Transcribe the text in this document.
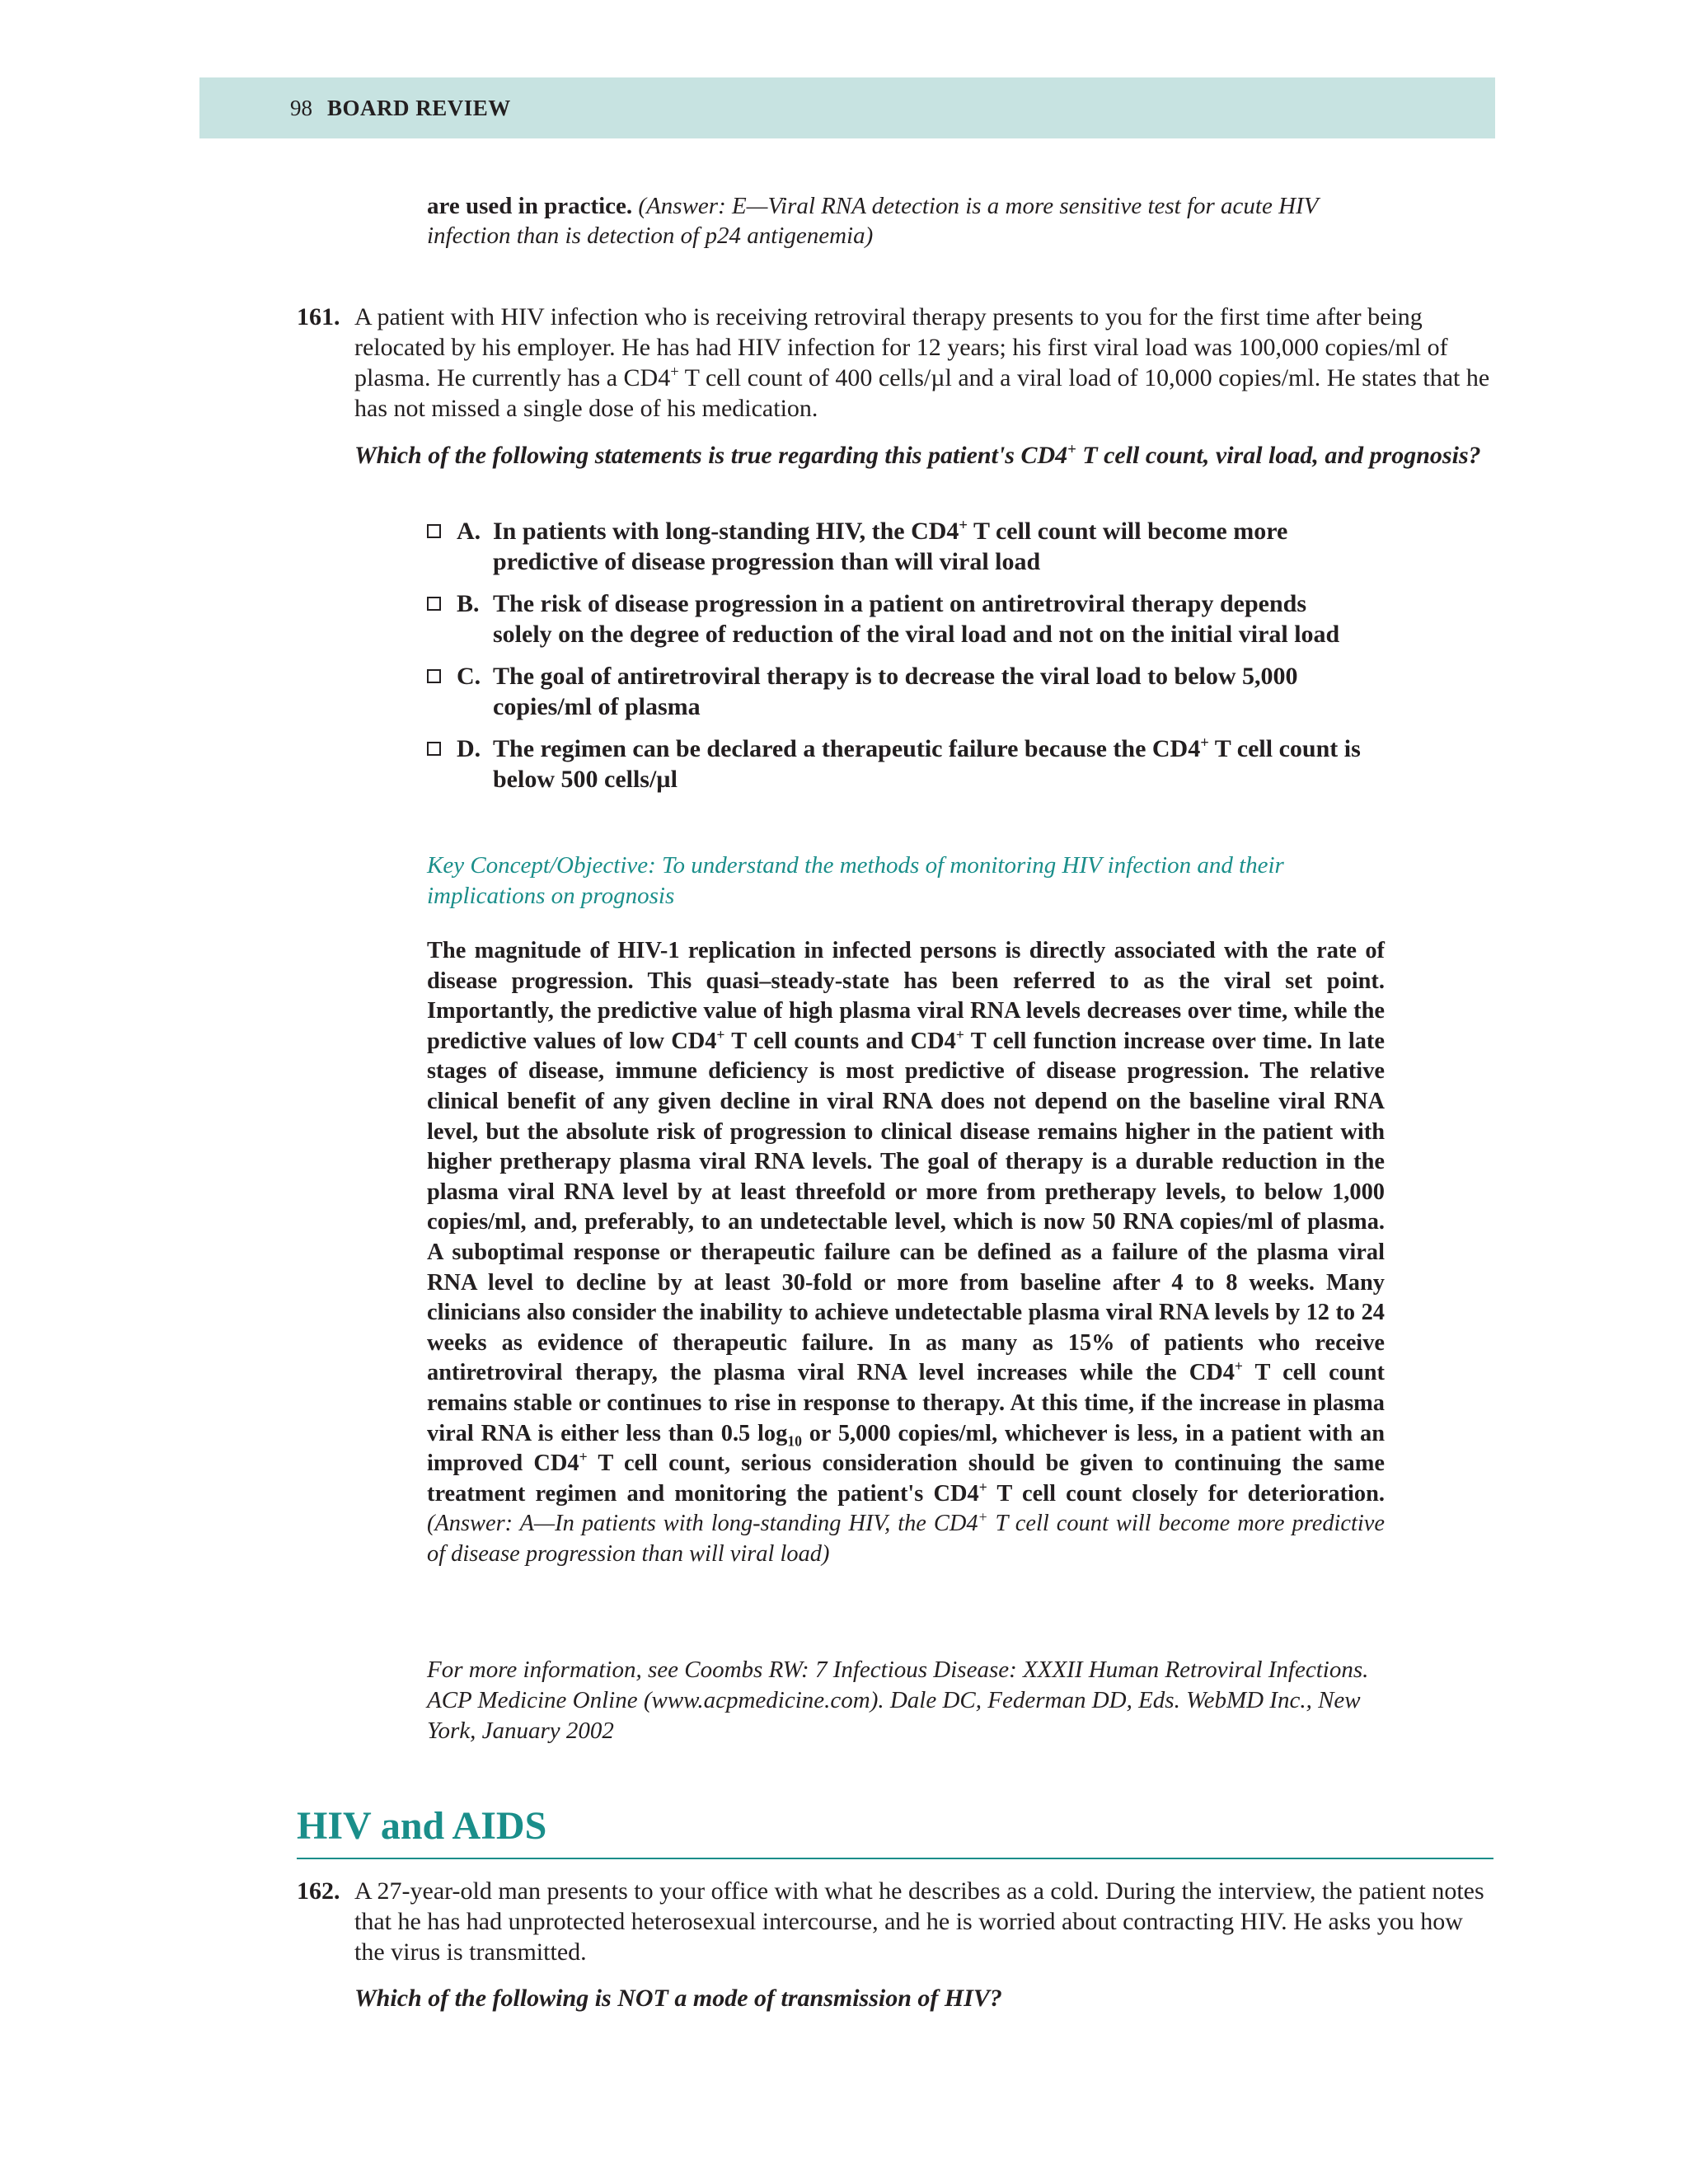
98 BOARD REVIEW
are used in practice. (Answer: E—Viral RNA detection is a more sensitive test for acute HIV infection than is detection of p24 antigenemia)
161. A patient with HIV infection who is receiving retroviral therapy presents to you for the first time after being relocated by his employer. He has had HIV infection for 12 years; his first viral load was 100,000 copies/ml of plasma. He currently has a CD4+ T cell count of 400 cells/µl and a viral load of 10,000 copies/ml. He states that he has not missed a single dose of his medication.
Which of the following statements is true regarding this patient's CD4+ T cell count, viral load, and prognosis?
A. In patients with long-standing HIV, the CD4+ T cell count will become more predictive of disease progression than will viral load
B. The risk of disease progression in a patient on antiretroviral therapy depends solely on the degree of reduction of the viral load and not on the initial viral load
C. The goal of antiretroviral therapy is to decrease the viral load to below 5,000 copies/ml of plasma
D. The regimen can be declared a therapeutic failure because the CD4+ T cell count is below 500 cells/µl
Key Concept/Objective: To understand the methods of monitoring HIV infection and their implications on prognosis
The magnitude of HIV-1 replication in infected persons is directly associated with the rate of disease progression. This quasi–steady-state has been referred to as the viral set point. Importantly, the predictive value of high plasma viral RNA levels decreases over time, while the predictive values of low CD4+ T cell counts and CD4+ T cell function increase over time. In late stages of disease, immune deficiency is most predictive of disease progression. The relative clinical benefit of any given decline in viral RNA does not depend on the baseline viral RNA level, but the absolute risk of progression to clinical disease remains higher in the patient with higher pretherapy plasma viral RNA levels. The goal of therapy is a durable reduction in the plasma viral RNA level by at least threefold or more from pretherapy levels, to below 1,000 copies/ml, and, preferably, to an undetectable level, which is now 50 RNA copies/ml of plasma. A suboptimal response or therapeutic failure can be defined as a failure of the plasma viral RNA level to decline by at least 30-fold or more from baseline after 4 to 8 weeks. Many clinicians also consider the inability to achieve undetectable plasma viral RNA levels by 12 to 24 weeks as evidence of therapeutic failure. In as many as 15% of patients who receive antiretroviral therapy, the plasma viral RNA level increases while the CD4+ T cell count remains stable or continues to rise in response to therapy. At this time, if the increase in plasma viral RNA is either less than 0.5 $\log_{10}$ or 5,000 copies/ml, whichever is less, in a patient with an improved CD4+ T cell count, serious consideration should be given to continuing the same treatment regimen and monitoring the patient's CD4+ T cell count closely for deterioration. (Answer: A—In patients with long-standing HIV, the CD4+ T cell count will become more predictive of disease progression than will viral load)
For more information, see Coombs RW: 7 Infectious Disease: XXXII Human Retroviral Infections. ACP Medicine Online (www.acpmedicine.com). Dale DC, Federman DD, Eds. WebMD Inc., New York, January 2002
HIV and AIDS
162. A 27-year-old man presents to your office with what he describes as a cold. During the interview, the patient notes that he has had unprotected heterosexual intercourse, and he is worried about contracting HIV. He asks you how the virus is transmitted.
Which of the following is NOT a mode of transmission of HIV?
